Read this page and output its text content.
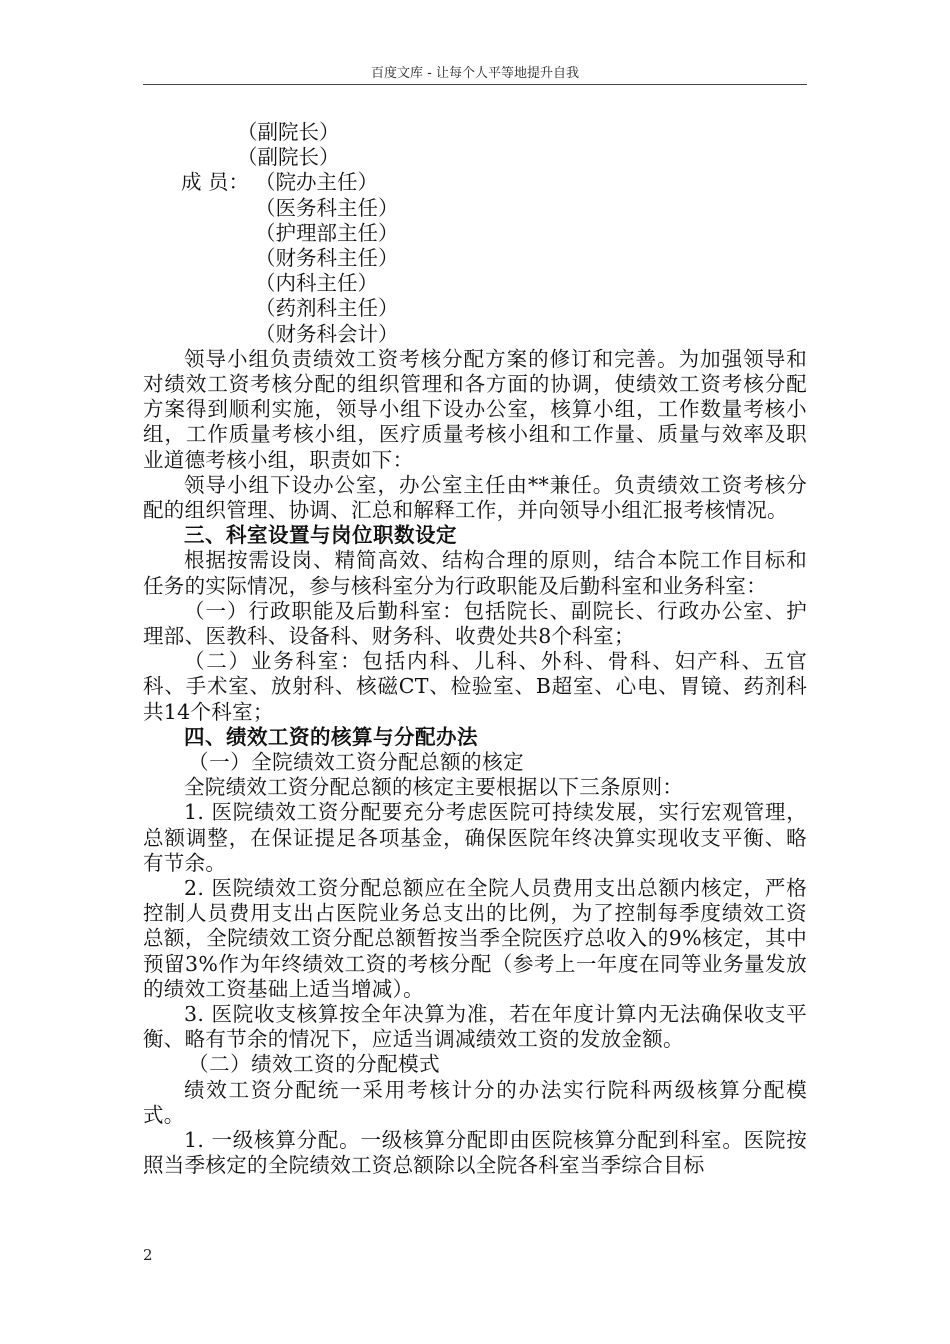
百度文库 - 让每个人平等地提升自我
（副院长）
（副院长）
成 员： （院办主任）
（医务科主任）
（护理部主任）
（财务科主任）
（内科主任）
（药剂科主任）
（财务科会计）
领导小组负责绩效工资考核分配方案的修订和完善。为加强领导和对绩效工资考核分配的组织管理和各方面的协调，使绩效工资考核分配方案得到顺利实施，领导小组下设办公室，核算小组，工作数量考核小组，工作质量考核小组，医疗质量考核小组和工作量、质量与效率及职业道德考核小组，职责如下：
领导小组下设办公室，办公室主任由**兼任。负责绩效工资考核分配的组织管理、协调、汇总和解释工作，并向领导小组汇报考核情况。
三、科室设置与岗位职数设定
根据按需设岗、精简高效、结构合理的原则，结合本院工作目标和任务的实际情况，参与核科室分为行政职能及后勤科室和业务科室：
（一）行政职能及后勤科室：包括院长、副院长、行政办公室、护理部、医教科、设备科、财务科、收费处共8个科室；
（二）业务科室：包括内科、儿科、外科、骨科、妇产科、五官科、手术室、放射科、核磁CT、检验室、B超室、心电、胃镜、药剂科共14个科室；
四、绩效工资的核算与分配办法
（一）全院绩效工资分配总额的核定
全院绩效工资分配总额的核定主要根据以下三条原则：
1. 医院绩效工资分配要充分考虑医院可持续发展，实行宏观管理，总额调整，在保证提足各项基金，确保医院年终决算实现收支平衡、略有节余。
2. 医院绩效工资分配总额应在全院人员费用支出总额内核定，严格控制人员费用支出占医院业务总支出的比例，为了控制每季度绩效工资总额，全院绩效工资分配总额暂按当季全院医疗总收入的9%核定，其中预留3%作为年终绩效工资的考核分配（参考上一年度在同等业务量发放的绩效工资基础上适当增减）。
3. 医院收支核算按全年决算为准，若在年度计算内无法确保收支平衡、略有节余的情况下，应适当调减绩效工资的发放金额。
（二）绩效工资的分配模式
绩效工资分配统一采用考核计分的办法实行院科两级核算分配模式。
1. 一级核算分配。一级核算分配即由医院核算分配到科室。医院按照当季核定的全院绩效工资总额除以全院各科室当季综合目标
2
